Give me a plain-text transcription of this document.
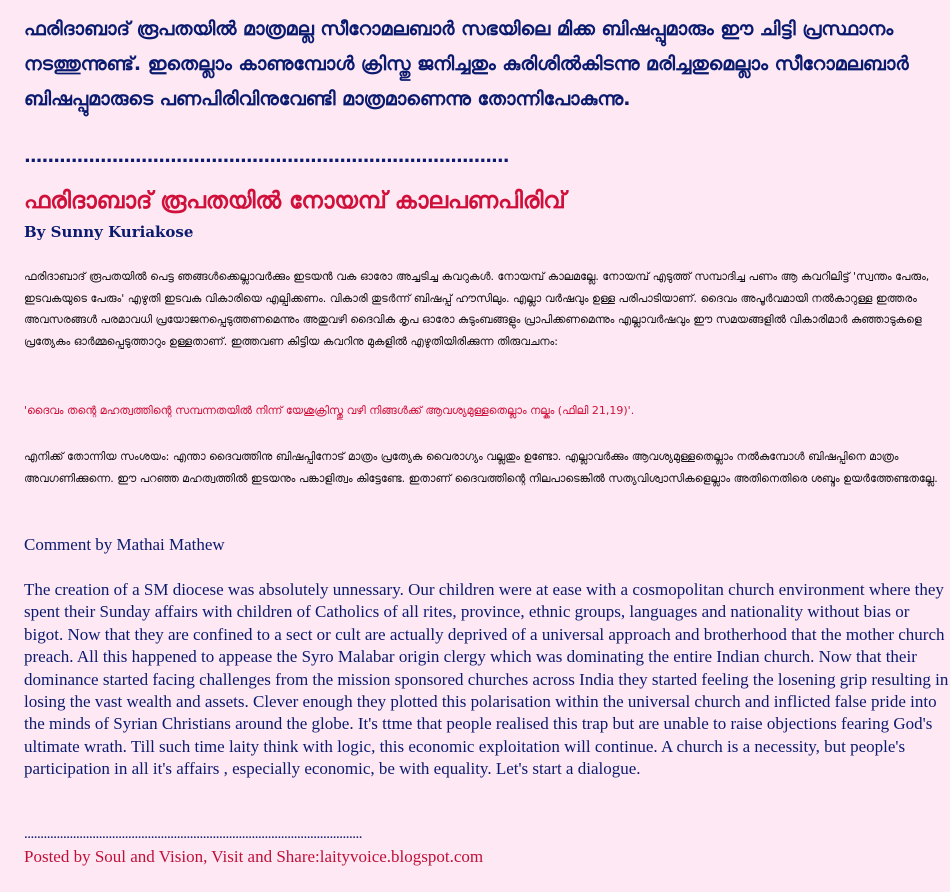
ഫരിദാബാദ് രൂപതയിൽ മാത്രമല്ല സീറോമലബാർ സഭയിലെ മിക്ക ബിഷപ്പുമാരും ഈ ചിട്ടി പ്രസ്ഥാനം നടത്തുന്നുണ്ട്. ഇതെല്ലാം കാണുമ്പോൾ ക്രിസ്തു ജനിച്ചതും കുരിശിൽകിടന്നു മരിച്ചതുമെല്ലാം സീറോമലബാർ ബിഷപ്പുമാരുടെ പണപിരിവിനുവേണ്ടി മാത്രമാണെന്നു തോന്നിപോകുന്നു.
...................................................................................
ഫരിദാബാദ് രൂപതയിൽ നോയമ്പ് കാലപണപിരിവ്
By Sunny Kuriakose
ഫരിദാബാദ് രൂപതയിൽ പെട്ട ഞങ്ങൾക്കെല്ലാവർക്കും ഇടയൻ വക ഓരോ അച്ചടിച്ച കവറുകൾ. നോയമ്പ് കാലമല്ലേ. നോയമ്പ് എടുത്ത് സമ്പാദിച്ച പണം ആ കവറിലിട്ട് 'സ്വന്തം പേരും, ഇടവകയുടെ പേരും' എഴുതി ഇടവക വികാരിയെ എല്പിക്കണം. വികാരി തുടർന്ന് ബിഷപ്പ് ഹൗസിലും. എല്ലാ വർഷവും ഉള്ള പരിപാടിയാണ്. ദൈവം അപൂർവമായി നൽകാറുള്ള ഇത്തരം അവസരങ്ങൾ പരമാവധി പ്രയോജനപ്പെടുത്തണമെന്നും അതുവഴി ദൈവിക കൃപ ഓരോ കുടുംബങ്ങളും പ്രാപിക്കണമെന്നും എല്ലാവർഷവും ഈ സമയങ്ങളിൽ വികാരിമാർ കുഞ്ഞാടുകളെ പ്രത്യേകം ഓർമ്മപ്പെടുത്താറും ഉള്ളതാണ്. ഇത്തവണ കിട്ടിയ കവറിനു മുകളിൽ എഴുതിയിരിക്കുന്ന തിരുവചനം:
'ദൈവം തന്റെ മഹത്വത്തിന്റെ സമ്പന്നതയിൽ നിന്ന് യേശുക്രിസ്തു വഴി നിങ്ങൾക്ക് ആവശ്യമുള്ളതെല്ലാം നല്കും (ഫിലി 21,19)'.
എനിക്ക് തോന്നിയ സംശയം: എന്താ ദൈവത്തിനു ബിഷപ്പിനോട് മാത്രം പ്രത്യേക വൈരാഗ്യം വല്ലതും ഉണ്ടോ. എല്ലാവർക്കും ആവശ്യമുള്ളതെല്ലാം നൽകുമ്പോൾ ബിഷപ്പിനെ മാത്രം അവഗണിക്കുന്നെ. ഈ പറഞ്ഞ മഹത്വത്തിൽ ഇടയനും പങ്കാളിത്വം കിട്ടേണ്ടേ. ഇതാണ് ദൈവത്തിന്റെ നിലപാടെങ്കിൽ സത്യവിശ്വാസികളെല്ലാം അതിനെതിരെ ശബ്ദം ഉയർത്തേണ്ടതല്ലേ.
Comment by Mathai Mathew
The creation of a SM diocese was absolutely unnessary. Our children were at ease with a cosmopolitan church environment where they spent their Sunday affairs with children of Catholics of all rites, province, ethnic groups, languages and nationality without bias or bigot. Now that they are confined to a sect or cult are actually deprived of a universal approach and brotherhood that the mother church preach. All this happened to appease the Syro Malabar origin clergy which was dominating the entire Indian church. Now that their dominance started facing challenges from the mission sponsored churches across India they started feeling the losening grip resulting in losing the vast wealth and assets. Clever enough they plotted this polarisation within the universal church and inflicted false pride into the minds of Syrian Christians around the globe. It's ttme that people realised this trap but are unable to raise objections fearing God's ultimate wrath. Till such time laity think with logic, this economic exploitation will continue. A church is a necessity, but people's participation in all it's affairs , especially economic, be with equality. Let's start a dialogue.
........................................................................................................
Posted by Soul and Vision, Visit and Share:laityvoice.blogspot.com
